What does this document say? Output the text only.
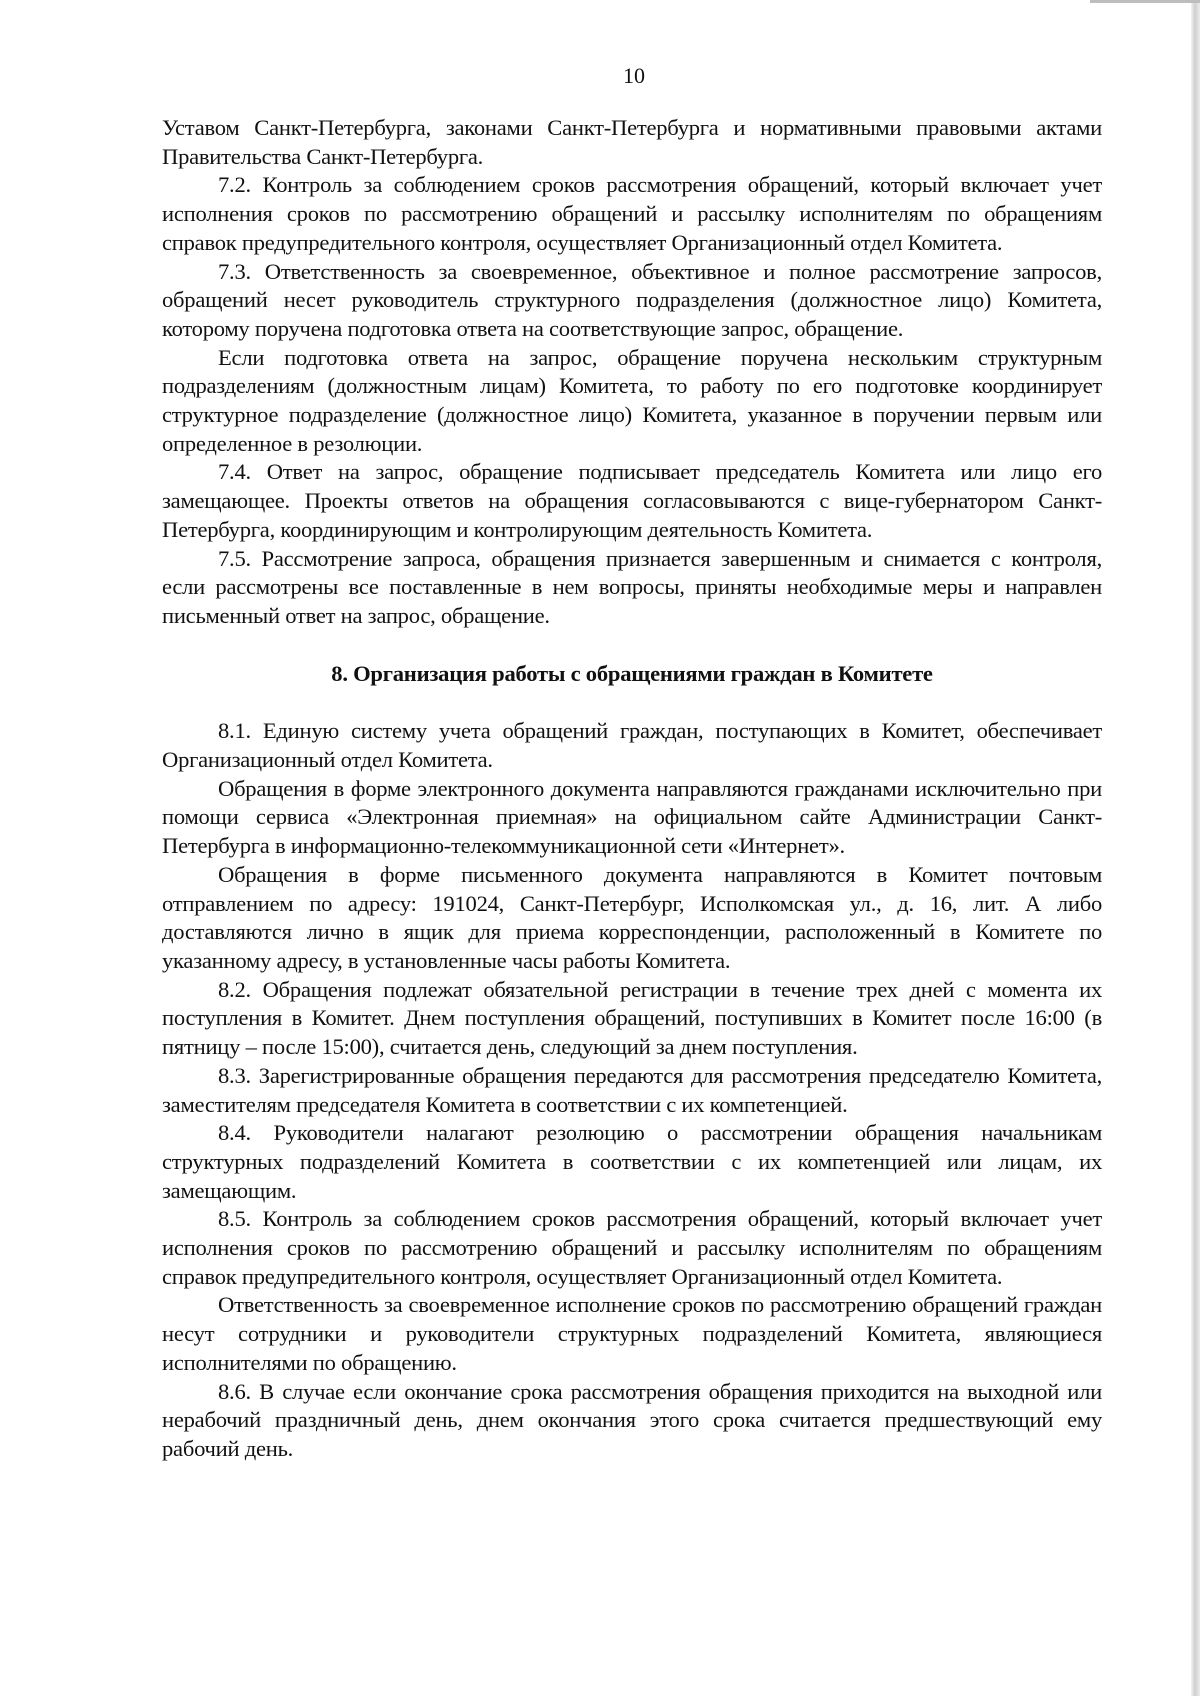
10

Уставом Санкт-Петербурга, законами Санкт-Петербурга и нормативными правовыми актами Правительства Санкт-Петербурга.

7.2. Контроль за соблюдением сроков рассмотрения обращений, который включает учет исполнения сроков по рассмотрению обращений и рассылку исполнителям по обращениям справок предупредительного контроля, осуществляет Организационный отдел Комитета.

7.3. Ответственность за своевременное, объективное и полное рассмотрение запросов, обращений несет руководитель структурного подразделения (должностное лицо) Комитета, которому поручена подготовка ответа на соответствующие запрос, обращение.

Если подготовка ответа на запрос, обращение поручена нескольким структурным подразделениям (должностным лицам) Комитета, то работу по его подготовке координирует структурное подразделение (должностное лицо) Комитета, указанное в поручении первым или определенное в резолюции.

7.4. Ответ на запрос, обращение подписывает председатель Комитета или лицо его замещающее. Проекты ответов на обращения согласовываются с вице-губернатором Санкт-Петербурга, координирующим и контролирующим деятельность Комитета.

7.5. Рассмотрение запроса, обращения признается завершенным и снимается с контроля, если рассмотрены все поставленные в нем вопросы, приняты необходимые меры и направлен письменный ответ на запрос, обращение.

8. Организация работы с обращениями граждан в Комитете

8.1. Единую систему учета обращений граждан, поступающих в Комитет, обеспечивает Организационный отдел Комитета.

Обращения в форме электронного документа направляются гражданами исключительно при помощи сервиса «Электронная приемная» на официальном сайте Администрации Санкт-Петербурга в информационно-телекоммуникационной сети «Интернет».

Обращения в форме письменного документа направляются в Комитет почтовым отправлением по адресу: 191024, Санкт-Петербург, Исполкомская ул., д. 16, лит. А либо доставляются лично в ящик для приема корреспонденции, расположенный в Комитете по указанному адресу, в установленные часы работы Комитета.

8.2. Обращения подлежат обязательной регистрации в течение трех дней с момента их поступления в Комитет. Днем поступления обращений, поступивших в Комитет после 16:00 (в пятницу – после 15:00), считается день, следующий за днем поступления.

8.3. Зарегистрированные обращения передаются для рассмотрения председателю Комитета, заместителям председателя Комитета в соответствии с их компетенцией.

8.4. Руководители налагают резолюцию о рассмотрении обращения начальникам структурных подразделений Комитета в соответствии с их компетенцией или лицам, их замещающим.

8.5. Контроль за соблюдением сроков рассмотрения обращений, который включает учет исполнения сроков по рассмотрению обращений и рассылку исполнителям по обращениям справок предупредительного контроля, осуществляет Организационный отдел Комитета.

Ответственность за своевременное исполнение сроков по рассмотрению обращений граждан несут сотрудники и руководители структурных подразделений Комитета, являющиеся исполнителями по обращению.

8.6. В случае если окончание срока рассмотрения обращения приходится на выходной или нерабочий праздничный день, днем окончания этого срока считается предшествующий ему рабочий день.
